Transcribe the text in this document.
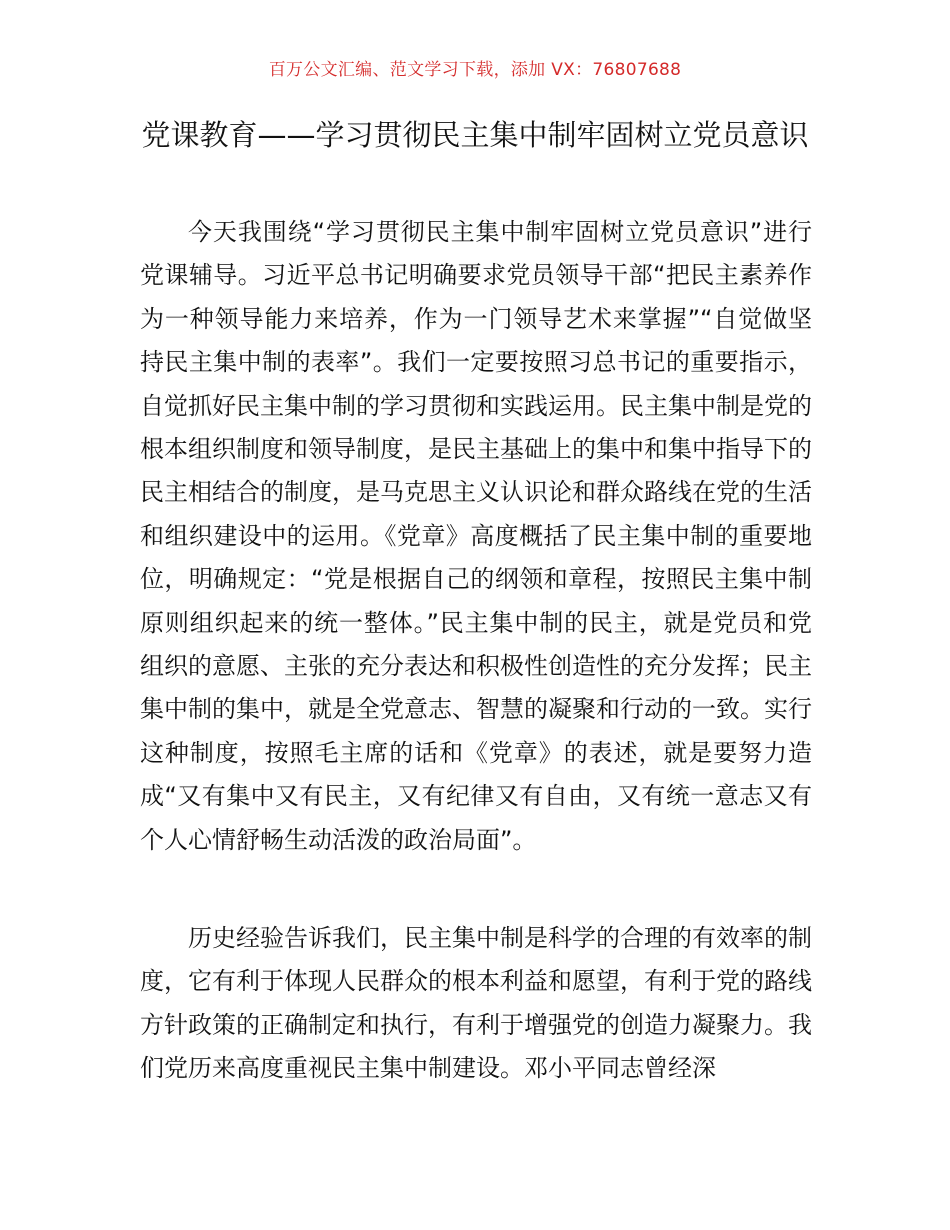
百万公文汇编、范文学习下载，添加 VX：76807688
党课教育——学习贯彻民主集中制牢固树立党员意识

今天我围绕“学习贯彻民主集中制牢固树立党员意识”进行党课辅导。习近平总书记明确要求党员领导干部“把民主素养作为一种领导能力来培养，作为一门领导艺术来掌握”“自觉做坚持民主集中制的表率”。我们一定要按照习总书记的重要指示，自觉抓好民主集中制的学习贯彻和实践运用。民主集中制是党的根本组织制度和领导制度，是民主基础上的集中和集中指导下的民主相结合的制度，是马克思主义认识论和群众路线在党的生活和组织建设中的运用。《党章》高度概括了民主集中制的重要地位，明确规定：“党是根据自己的纲领和章程，按照民主集中制原则组织起来的统一整体。”民主集中制的民主，就是党员和党组织的意愿、主张的充分表达和积极性创造性的充分发挥；民主集中制的集中，就是全党意志、智慧的凝聚和行动的一致。实行这种制度，按照毛主席的话和《党章》的表述，就是要努力造成“又有集中又有民主，又有纪律又有自由，又有统一意志又有个人心情舒畅生动活泼的政治局面”。

历史经验告诉我们，民主集中制是科学的合理的有效率的制度，它有利于体现人民群众的根本利益和愿望，有利于党的路线方针政策的正确制定和执行，有利于增强党的创造力凝聚力。我们党历来高度重视民主集中制建设。邓小平同志曾经深
